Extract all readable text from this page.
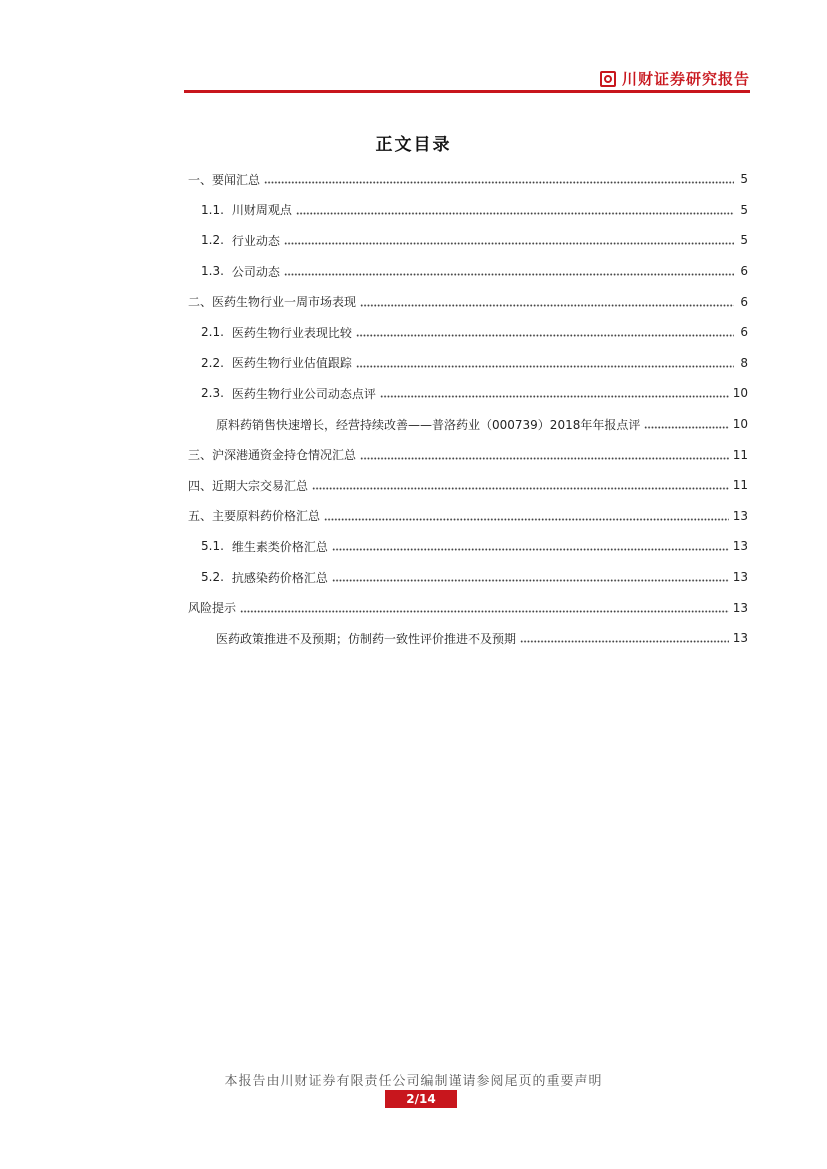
川财证券研究报告
正文目录
一、要闻汇总	5
1.1. 川财周观点	5
1.2. 行业动态	5
1.3. 公司动态	6
二、医药生物行业一周市场表现	6
2.1. 医药生物行业表现比较	6
2.2. 医药生物行业估值跟踪	8
2.3. 医药生物行业公司动态点评	10
原料药销售快速增长，经营持续改善——普洛药业（000739）2018年年报点评	10
三、沪深港通资金持仓情况汇总	11
四、近期大宗交易汇总	11
五、主要原料药价格汇总	13
5.1. 维生素类价格汇总	13
5.2. 抗感染药价格汇总	13
风险提示	13
医药政策推进不及预期；仿制药一致性评价推进不及预期	13
本报告由川财证券有限责任公司编制谨请参阅尾页的重要声明
2/14
